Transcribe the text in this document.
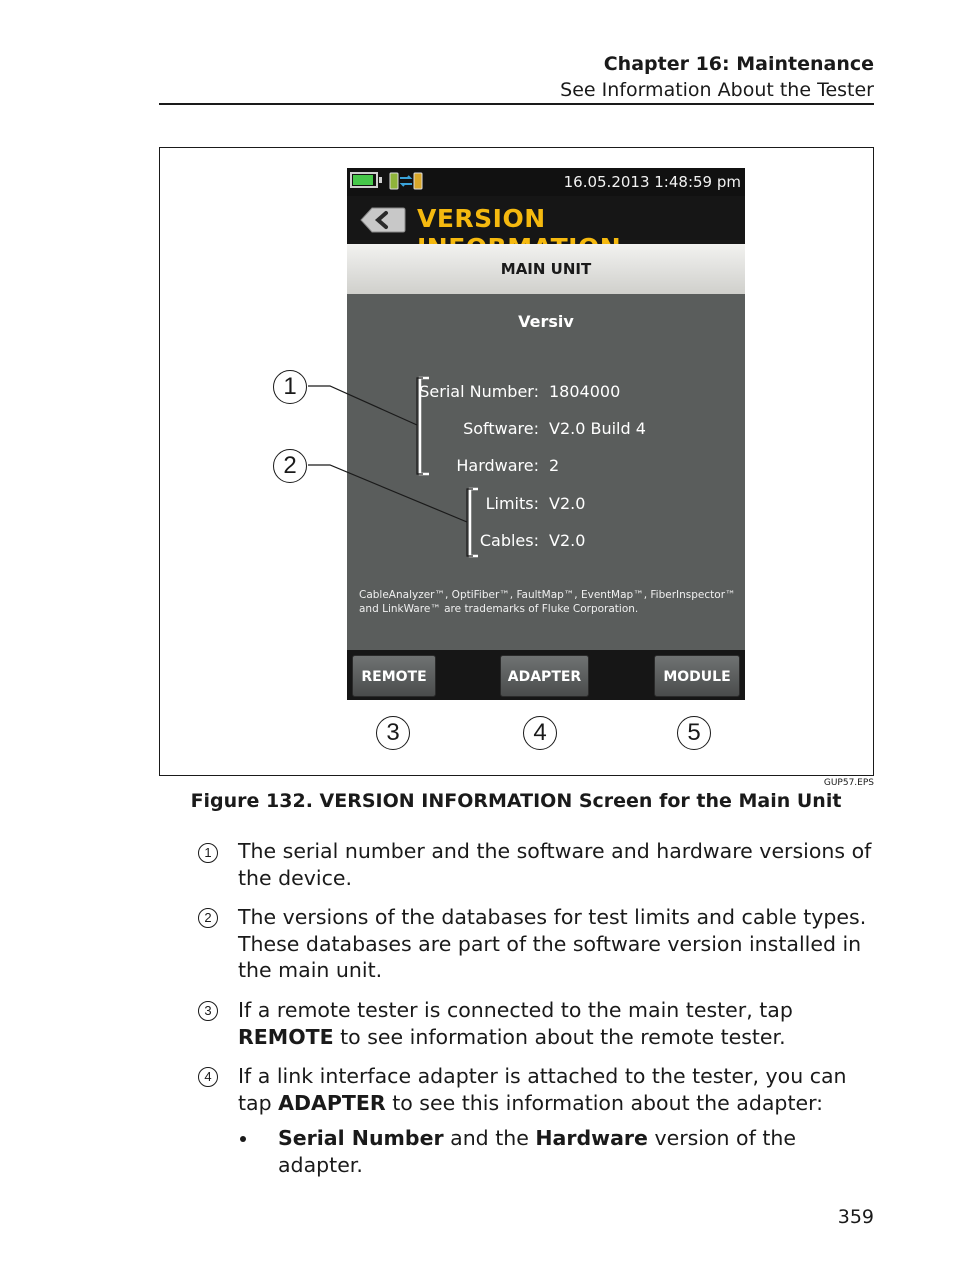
Chapter 16: Maintenance
See Information About the Tester
16.05.2013 1:48:59 pm
VERSION
MAIN UNIT
Versiv
Serial Number: 1804000
Software: V2.0 Build 4
Hardware: 2
Limits: V2.0
Cables: V2.0
CableAnalyzer™, OptiFiber™, FaultMap™, EventMap™, FiberInspector™ and LinkWare™ are trademarks of Fluke Corporation.
REMOTE	ADAPTER	MODULE
1
2
3	4	5
GUP57.EPS
Figure 132. VERSION INFORMATION Screen for the Main Unit
1	The serial number and the software and hardware versions of the device.
2	The versions of the databases for test limits and cable types. These databases are part of the software version installed in the main unit.
3	If a remote tester is connected to the main tester, tap REMOTE to see information about the remote tester.
4	If a link interface adapter is attached to the tester, you can tap ADAPTER to see this information about the adapter:
Serial Number and the Hardware version of the adapter.
359
